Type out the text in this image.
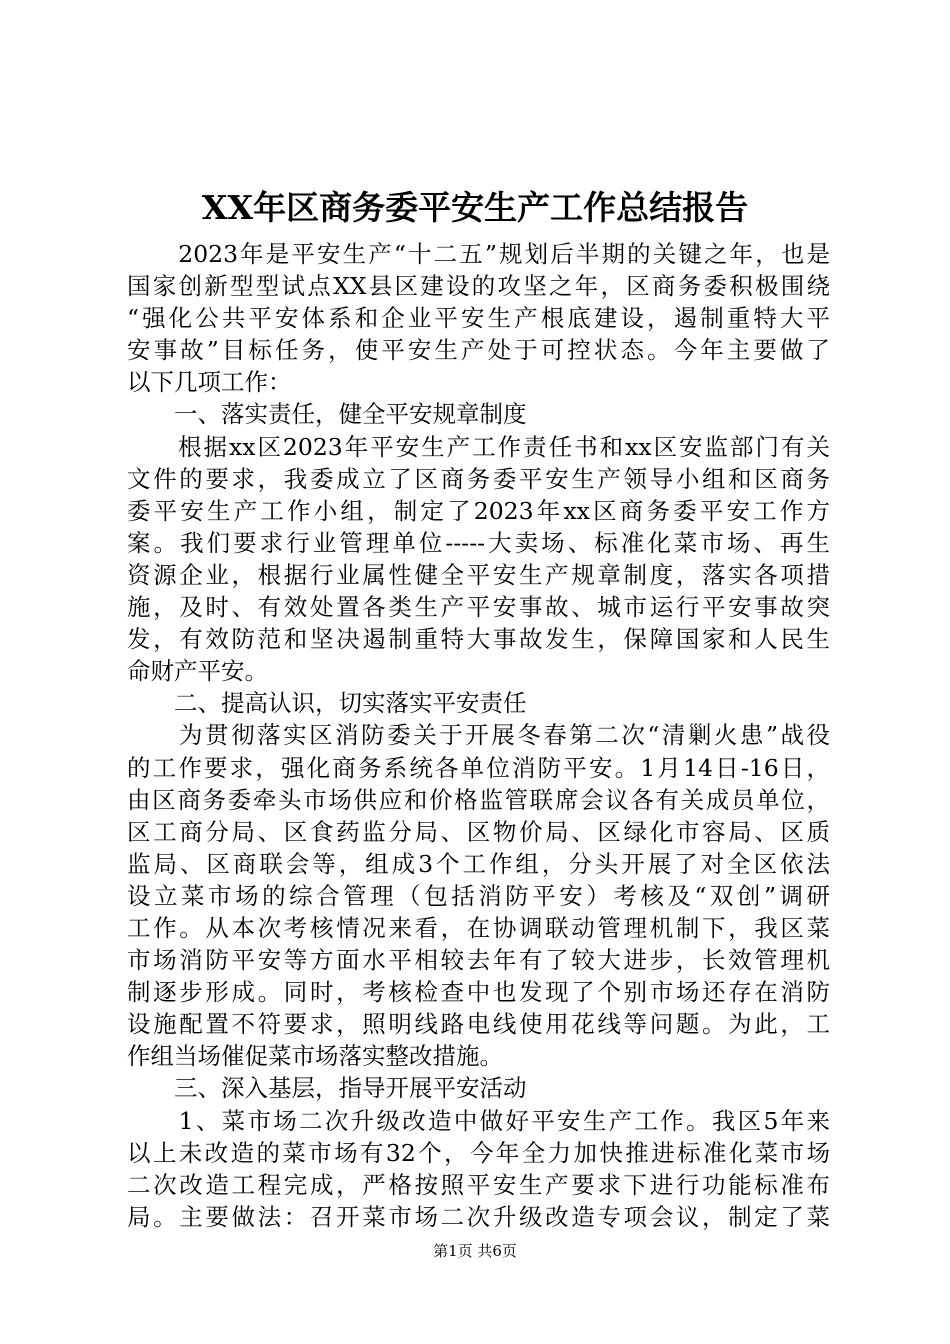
XX年区商务委平安生产工作总结报告
　　2023年是平安生产“十二五”规划后半期的关键之年，也是
国家创新型型试点XX县区建设的攻坚之年，区商务委积极围绕
“强化公共平安体系和企业平安生产根底建设，遏制重特大平
安事故”目标任务，使平安生产处于可控状态。今年主要做了
以下几项工作：
　　一、落实责任，健全平安规章制度
　　根据xx区2023年平安生产工作责任书和xx区安监部门有关
文件的要求，我委成立了区商务委平安生产领导小组和区商务
委平安生产工作小组，制定了2023年xx区商务委平安工作方
案。我们要求行业管理单位-----大卖场、标准化菜市场、再生
资源企业，根据行业属性健全平安生产规章制度，落实各项措
施，及时、有效处置各类生产平安事故、城市运行平安事故突
发，有效防范和坚决遏制重特大事故发生，保障国家和人民生
命财产平安。
　　二、提高认识，切实落实平安责任
　　为贯彻落实区消防委关于开展冬春第二次“清剿火患”战役
的工作要求，强化商务系统各单位消防平安。1月14日-16日，
由区商务委牵头市场供应和价格监管联席会议各有关成员单位，
区工商分局、区食药监分局、区物价局、区绿化市容局、区质
监局、区商联会等，组成3个工作组，分头开展了对全区依法
设立菜市场的综合管理（包括消防平安）考核及“双创”调研
工作。从本次考核情况来看，在协调联动管理机制下，我区菜
市场消防平安等方面水平相较去年有了较大进步，长效管理机
制逐步形成。同时，考核检查中也发现了个别市场还存在消防
设施配置不符要求，照明线路电线使用花线等问题。为此，工
作组当场催促菜市场落实整改措施。
　　三、深入基层，指导开展平安活动
　　1、菜市场二次升级改造中做好平安生产工作。我区5年来
以上未改造的菜市场有32个，今年全力加快推进标准化菜市场
二次改造工程完成，严格按照平安生产要求下进行功能标准布
局。主要做法：召开菜市场二次升级改造专项会议，制定了菜
第1页 共6页
